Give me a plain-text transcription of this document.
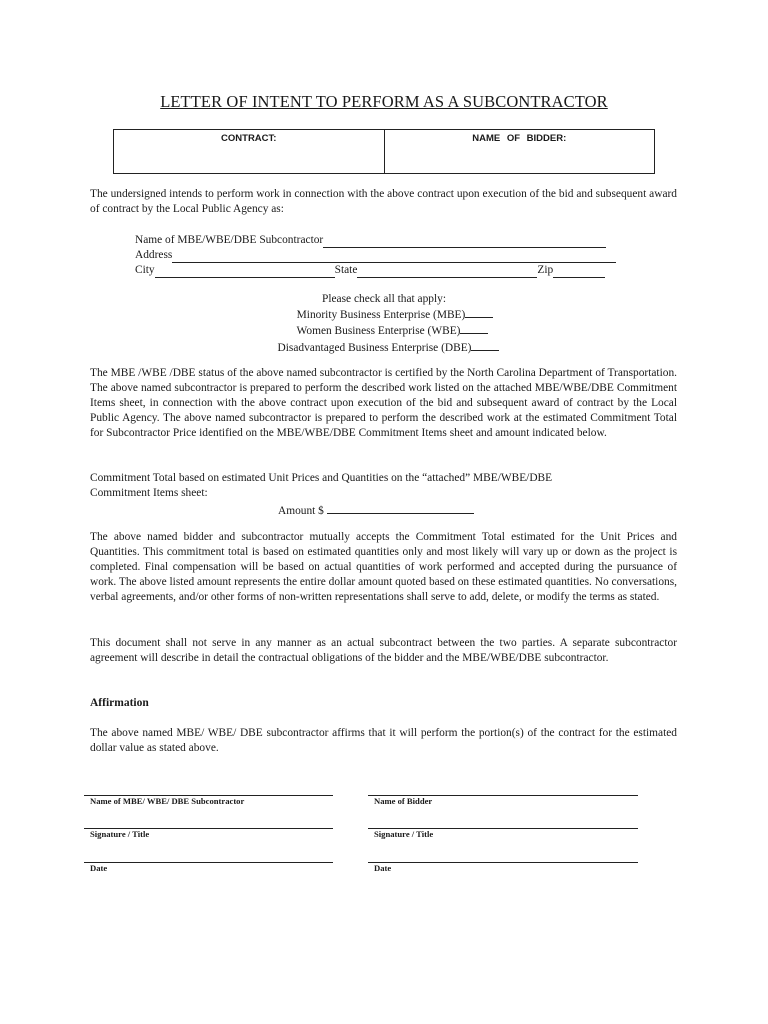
LETTER OF INTENT TO PERFORM AS A SUBCONTRACTOR
CONTRACT:	NAME OF BIDDER:
The undersigned intends to perform work in connection with the above contract upon execution of the bid and subsequent award of contract by the Local Public Agency as:
Name of MBE/WBE/DBE Subcontractor
Address
City	State	Zip
Please check all that apply:
Minority Business Enterprise (MBE)
Women Business Enterprise (WBE)
Disadvantaged Business Enterprise (DBE)
The MBE /WBE /DBE status of the above named subcontractor is certified by the North Carolina Department of Transportation. The above named subcontractor is prepared to perform the described work listed on the attached MBE/WBE/DBE Commitment Items sheet, in connection with the above contract upon execution of the bid and subsequent award of contract by the Local Public Agency. The above named subcontractor is prepared to perform the described work at the estimated Commitment Total for Subcontractor Price identified on the MBE/WBE/DBE Commitment Items sheet and amount indicated below.
Commitment Total based on estimated Unit Prices and Quantities on the “attached” MBE/WBE/DBE Commitment Items sheet:
Amount $
The above named bidder and subcontractor mutually accepts the Commitment Total estimated for the Unit Prices and Quantities. This commitment total is based on estimated quantities only and most likely will vary up or down as the project is completed. Final compensation will be based on actual quantities of work performed and accepted during the pursuance of work. The above listed amount represents the entire dollar amount quoted based on these estimated quantities. No conversations, verbal agreements, and/or other forms of non-written representations shall serve to add, delete, or modify the terms as stated.
This document shall not serve in any manner as an actual subcontract between the two parties. A separate subcontractor agreement will describe in detail the contractual obligations of the bidder and the MBE/WBE/DBE subcontractor.
Affirmation
The above named MBE/ WBE/ DBE subcontractor affirms that it will perform the portion(s) of the contract for the estimated dollar value as stated above.
Name of MBE/ WBE/ DBE Subcontractor	Name of Bidder
Signature / Title	Signature / Title
Date	Date
